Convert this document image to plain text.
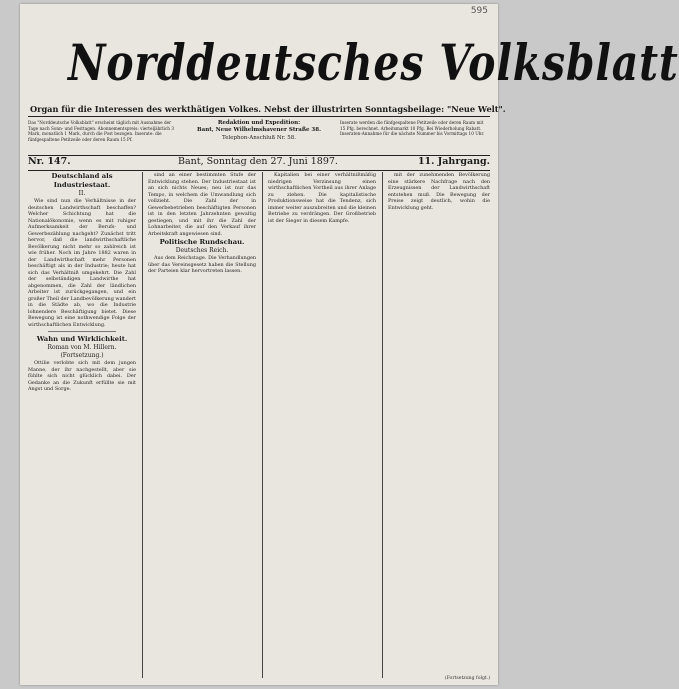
595
Norddeutsches Volksblatt
Organ für die Interessen des werkthätigen Volkes. Nebst der illustrirten Sonntagsbeilage: "Neue Welt".
Das "Norddeutsche Volksblatt" erscheint täglich mit Ausnahme der Tage nach Sonn- und Festtagen. Abonnementspreis: vierteljährlich 3 Mark, monatlich 1 Mark, durch die Post bezogen. Inserate: die fünfgespaltene Petitzeile oder deren Raum 15 Pf.
Redaktion und Expedition:
Bant, Neue Wilhelmshavener Straße 38.
Telephon-Anschluß Nr. 58.
Inserate werden die fünfgespaltene Petitzeile oder deren Raum mit 15 Pfg. berechnet. Arbeitsmarkt 10 Pfg. Bei Wiederholung Rabatt. Inseraten-Annahme für die nächste Nummer bis Vormittags 10 Uhr.
Nr. 147.	Bant, Sonntag den 27. Juni 1897.	11. Jahrgang.
Deutschland als Industriestaat.
II.

Wie sind nun die Verhältnisse in der deutschen Landwirthschaft beschaffen? Welcher Schichtung hat die Nationalökonomie, wenn es mit ruhiger Aufmerksamkeit der Berufs- und Gewerbezählung nachgeht? Zunächst tritt hervor, daß die landwirthschaftliche Bevölkerung nicht mehr so zahlreich ist wie früher. Noch im Jahre 1882 waren in der Landwirthschaft mehr Personen beschäftigt als in der Industrie; heute hat sich das Verhältniß umgekehrt. Die Zahl der selbständigen Landwirthe hat abgenommen, die Zahl der ländlichen Arbeiter ist zurückgegangen, und ein großer Theil der Landbevölkerung wandert in die Städte ab, wo die Industrie lohnendere Beschäftigung bietet. Diese Bewegung ist eine nothwendige Folge der wirthschaftlichen Entwicklung.

Wahn und Wirklichkeit.
Roman von M. Hillern. (Fortsetzung.)

Ottilie verlobte sich mit dem jungen Manne, der ihr nachgestellt, aber sie fühlte sich nicht glücklich dabei. Der Gedanke an die Zukunft erfüllte sie mit Angst und Sorge.

sind an einer bestimmten Stufe der Entwicklung stehen. Der Industriestaat ist an sich nichts Neues; neu ist nur das Tempo, in welchem die Umwandlung sich vollzieht. Die Zahl der in Gewerbebetrieben beschäftigten Personen ist in den letzten Jahrzehnten gewaltig gestiegen, und mit ihr die Zahl der Lohnarbeiter, die auf den Verkauf ihrer Arbeitskraft angewiesen sind.

Politische Rundschau.
Deutsches Reich.

Aus dem Reichstage. Die Verhandlungen über das Vereinsgesetz haben die Stellung der Parteien klar hervortreten lassen.

Kapitalien bei einer verhältnißmäßig niedrigen Verzinsung einen wirthschaftlichen Vortheil aus ihrer Anlage zu ziehen. Die kapitalistische Produktionsweise hat die Tendenz, sich immer weiter auszubreiten und die kleinen Betriebe zu verdrängen. Der Großbetrieb ist der Sieger in diesem Kampfe.

mit der zunehmenden Bevölkerung eine stärkere Nachfrage nach den Erzeugnissen der Landwirthschaft entstehen muß. Die Bewegung der Preise zeigt deutlich, wohin die Entwicklung geht.

(Fortsetzung folgt.)
